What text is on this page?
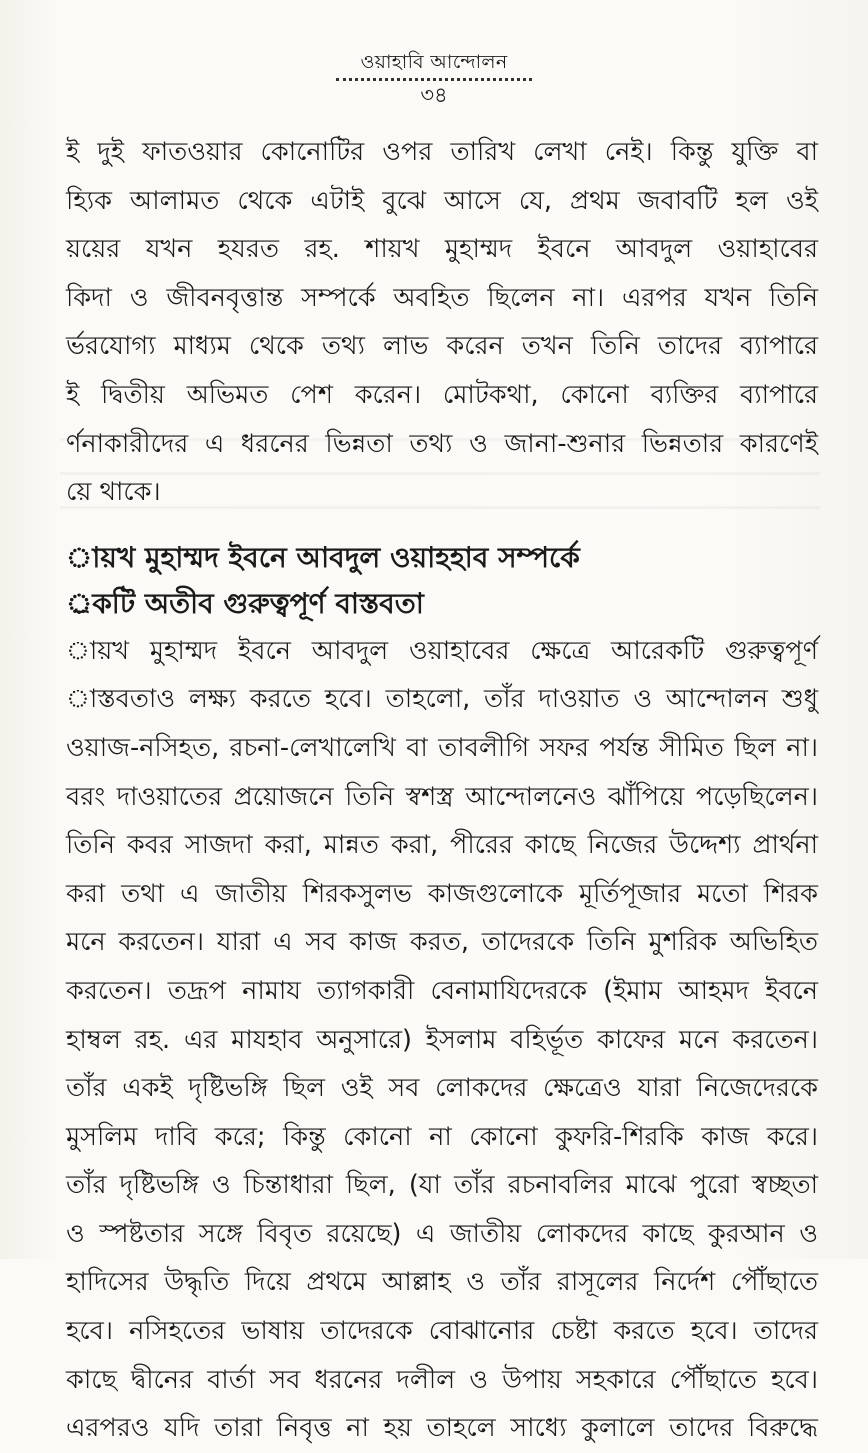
ওয়াহাবি আন্দোলন
৩৪
ই দুই ফাতওয়ার কোনোটির ওপর তারিখ লেখা নেই। কিন্তু যুক্তি বা
হ্যিক আলামত থেকে এটাই বুঝে আসে যে, প্রথম জবাবটি হল ওই
য়য়ের যখন হযরত রহ. শায়খ মুহাম্মদ ইবনে আবদুল ওয়াহাবের
কিদা ও জীবনবৃত্তান্ত সম্পর্কে অবহিত ছিলেন না। এরপর যখন তিনি
র্ভরযোগ্য মাধ্যম থেকে তথ্য লাভ করেন তখন তিনি তাদের ব্যাপারে
ই দ্বিতীয় অভিমত পেশ করেন। মোটকথা, কোনো ব্যক্তির ব্যাপারে
র্ণনাকারীদের এ ধরনের ভিন্নতা তথ্য ও জানা-শুনার ভিন্নতার কারণেই
য়ে থাকে।
ায়খ মুহাম্মদ ইবনে আবদুল ওয়াহহাব সম্পর্কে
্রকটি অতীব গুরুত্বপূর্ণ বাস্তবতা
ায়খ মুহাম্মদ ইবনে আবদুল ওয়াহাবের ক্ষেত্রে আরেকটি গুরুত্বপূর্ণ
াস্তবতাও লক্ষ্য করতে হবে। তাহলো, তাঁর দাওয়াত ও আন্দোলন শুধু
ওয়াজ-নসিহত, রচনা-লেখালেখি বা তাবলীগি সফর পর্যন্ত সীমিত ছিল না।
বরং দাওয়াতের প্রয়োজনে তিনি স্বশস্ত্র আন্দোলনেও ঝাঁপিয়ে পড়েছিলেন।
তিনি কবর সাজদা করা, মান্নত করা, পীরের কাছে নিজের উদ্দেশ্য প্রার্থনা
করা তথা এ জাতীয় শিরকসুলভ কাজগুলোকে মূর্তিপূজার মতো শিরক
মনে করতেন। যারা এ সব কাজ করত, তাদেরকে তিনি মুশরিক অভিহিত
করতেন। তদ্রূপ নামায ত্যাগকারী বেনামাযিদেরকে (ইমাম আহমদ ইবনে
হাম্বল রহ. এর মাযহাব অনুসারে) ইসলাম বহির্ভূত কাফের মনে করতেন।
তাঁর একই দৃষ্টিভঙ্গি ছিল ওই সব লোকদের ক্ষেত্রেও যারা নিজেদেরকে
মুসলিম দাবি করে; কিন্তু কোনো না কোনো কুফরি-শিরকি কাজ করে।
তাঁর দৃষ্টিভঙ্গি ও চিন্তাধারা ছিল, (যা তাঁর রচনাবলির মাঝে পুরো স্বচ্ছতা
ও স্পষ্টতার সঙ্গে বিবৃত রয়েছে) এ জাতীয় লোকদের কাছে কুরআন ও
হাদিসের উদ্ধৃতি দিয়ে প্রথমে আল্লাহ ও তাঁর রাসূলের নির্দেশ পৌঁছাতে
হবে। নসিহতের ভাষায় তাদেরকে বোঝানোর চেষ্টা করতে হবে। তাদের
কাছে দ্বীনের বার্তা সব ধরনের দলীল ও উপায় সহকারে পৌঁছাতে হবে।
এরপরও যদি তারা নিবৃত্ত না হয় তাহলে সাধ্যে কুলালে তাদের বিরুদ্ধে
